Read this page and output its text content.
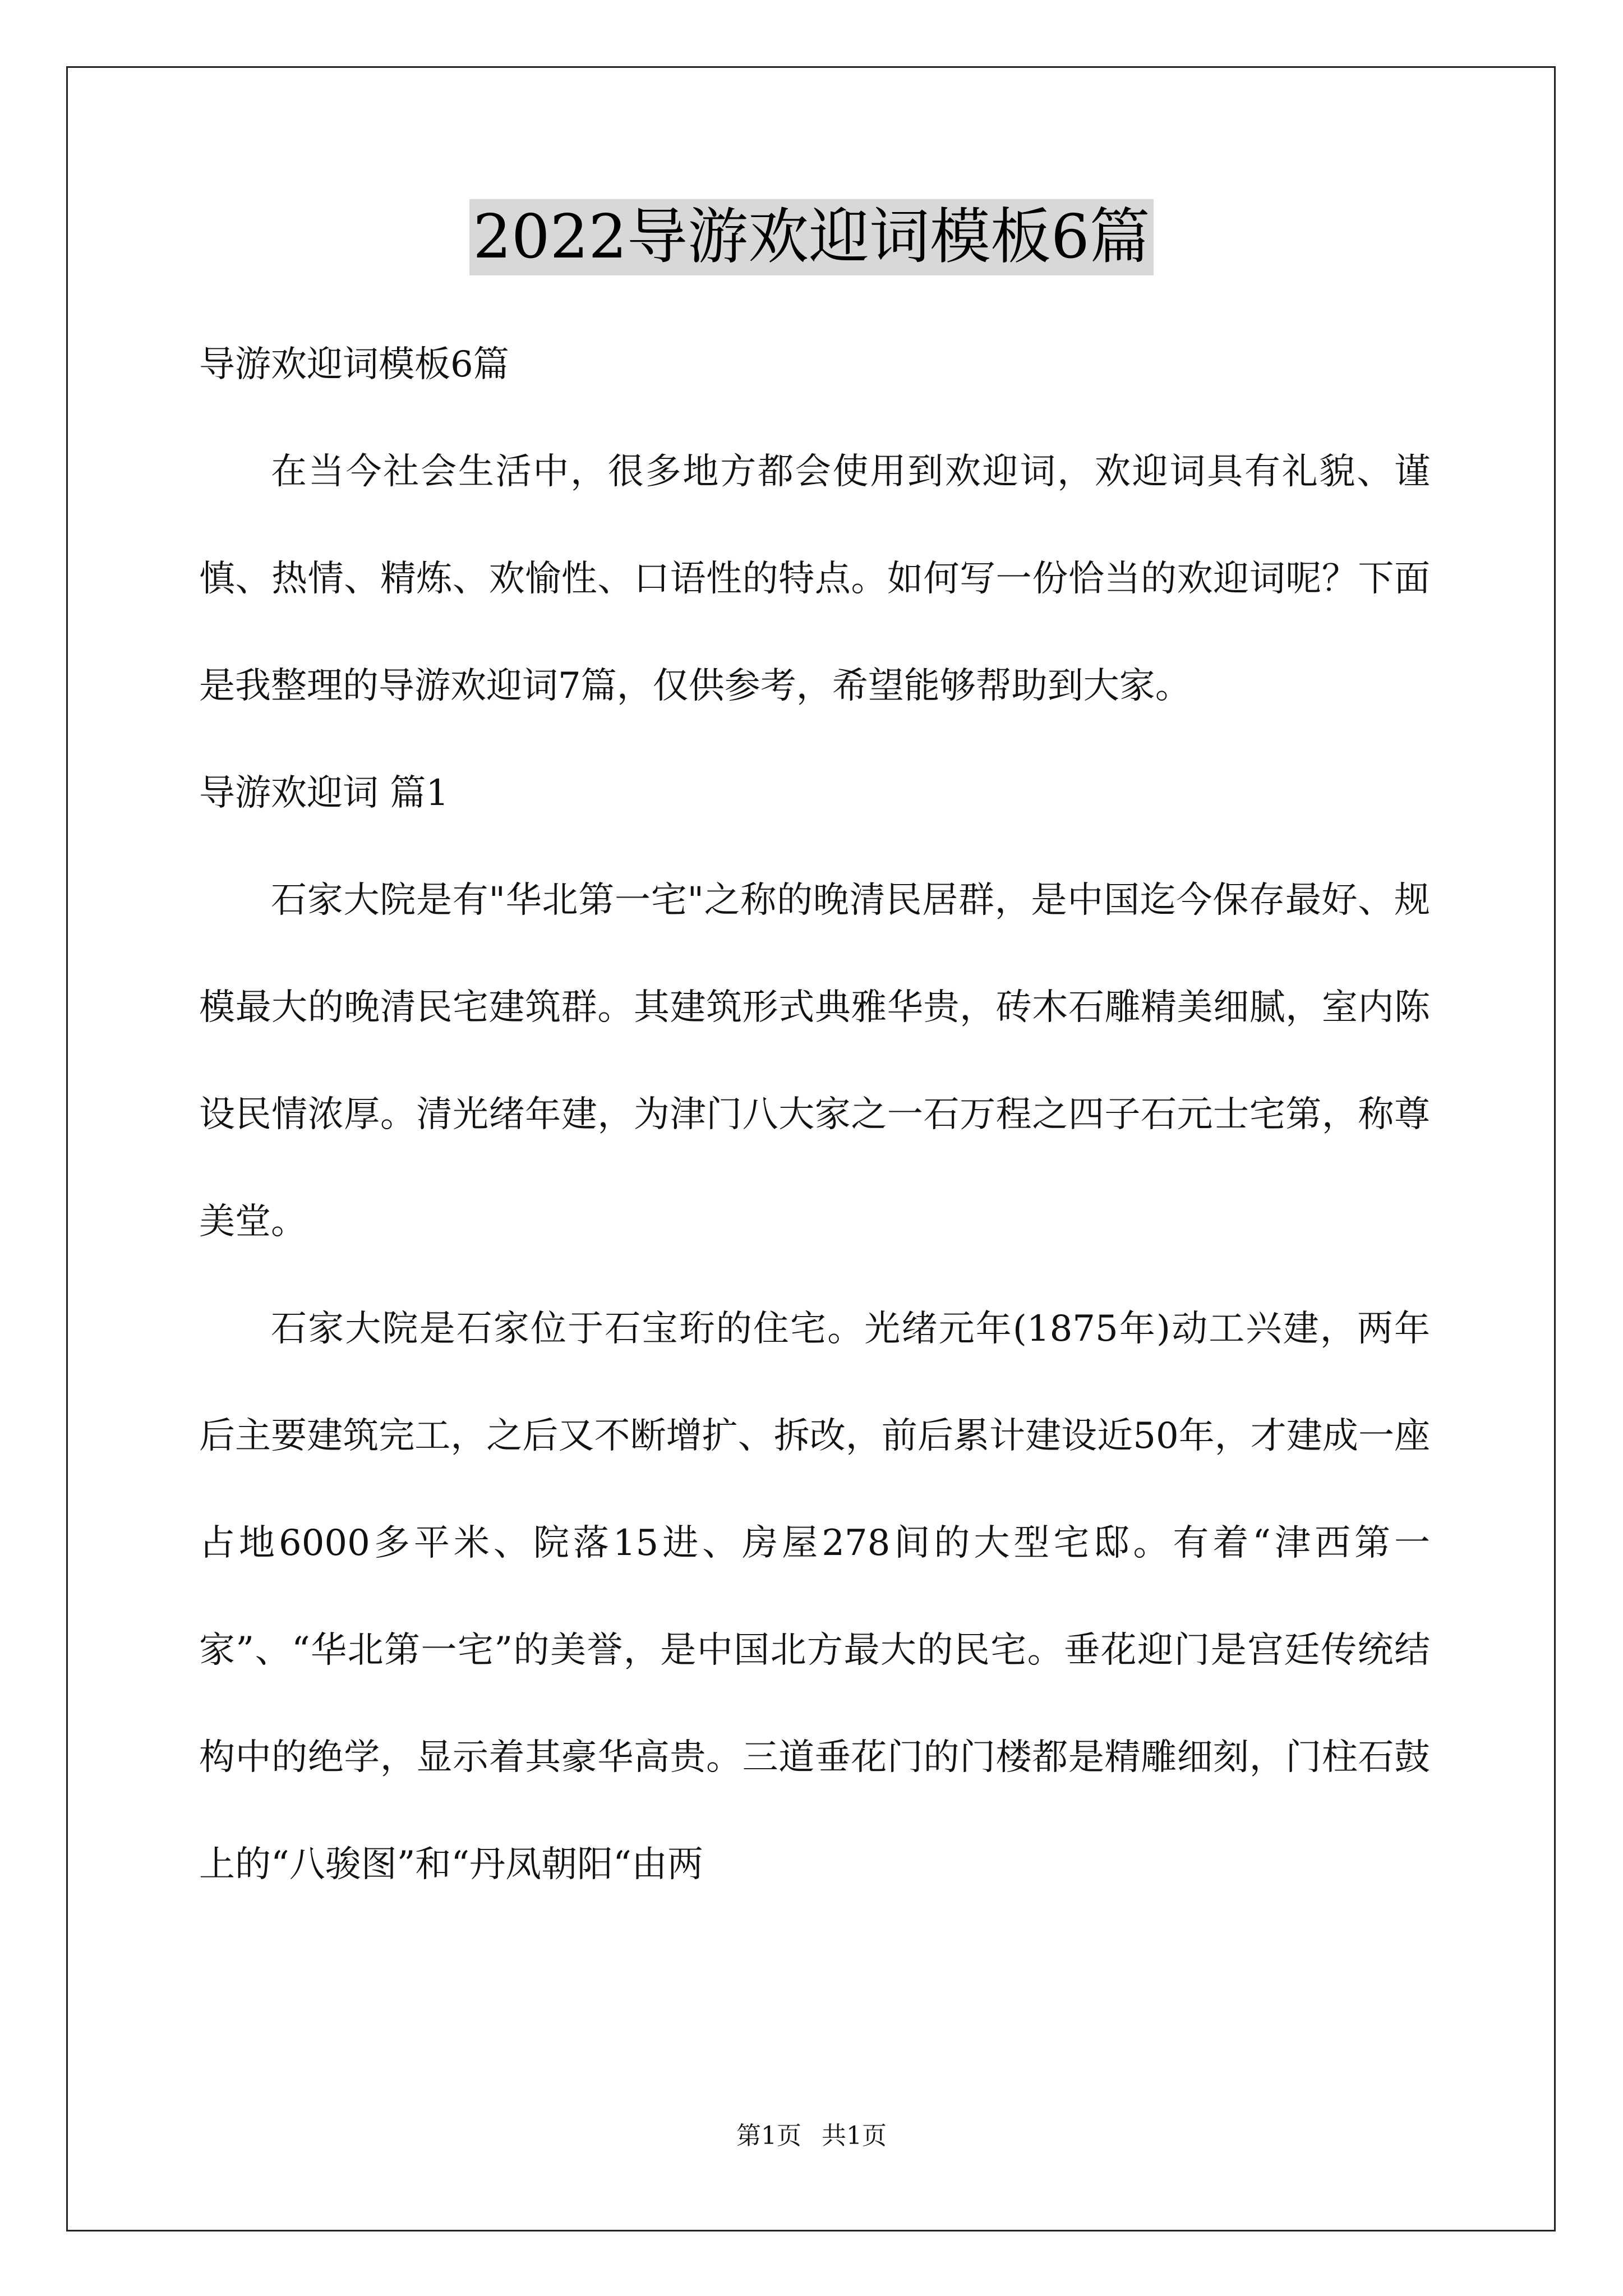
2022导游欢迎词模板6篇

导游欢迎词模板6篇

在当今社会生活中，很多地方都会使用到欢迎词，欢迎词具有礼貌、谨慎、热情、精炼、欢愉性、口语性的特点。如何写一份恰当的欢迎词呢？下面是我整理的导游欢迎词7篇，仅供参考，希望能够帮助到大家。

导游欢迎词 篇1

石家大院是有"华北第一宅"之称的晚清民居群，是中国迄今保存最好、规模最大的晚清民宅建筑群。其建筑形式典雅华贵，砖木石雕精美细腻，室内陈设民情浓厚。清光绪年建，为津门八大家之一石万程之四子石元士宅第，称尊美堂。

石家大院是石家位于石宝珩的住宅。光绪元年(1875年)动工兴建，两年后主要建筑完工，之后又不断增扩、拆改，前后累计建设近50年，才建成一座占地6000多平米、院落15进、房屋278间的大型宅邸。有着“津西第一家”、“华北第一宅”的美誉，是中国北方最大的民宅。垂花迎门是宫廷传统结构中的绝学，显示着其豪华高贵。三道垂花门的门楼都是精雕细刻，门柱石鼓上的“八骏图”和“丹凤朝阳“由两

第1页 共1页
